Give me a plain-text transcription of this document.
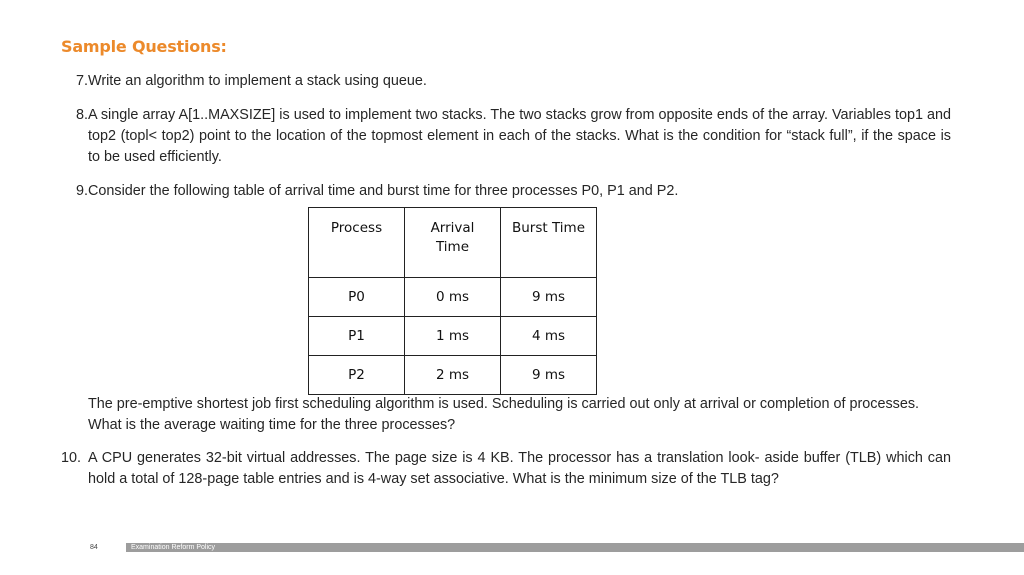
Sample Questions:
7. Write an algorithm to implement a stack using queue.
8. A single array A[1..MAXSIZE] is used to implement two stacks. The two stacks grow from opposite ends of the array. Variables top1 and top2 (topl< top2) point to the location of the topmost element in each of the stacks. What is the condition for “stack full”, if the space is to be used efficiently.
9. Consider the following table of arrival time and burst time for three processes P0, P1 and P2.
Process	Arrival Time	Burst Time
P0	0 ms	9 ms
P1	1 ms	4 ms
P2	2 ms	9 ms
The pre-emptive shortest job first scheduling algorithm is used. Scheduling is carried out only at arrival or completion of processes. What is the average waiting time for the three processes?
10. A CPU generates 32-bit virtual addresses. The page size is 4 KB. The processor has a translation look- aside buffer (TLB) which can hold a total of 128-page table entries and is 4-way set associative. What is the minimum size of the TLB tag?
84	Examination Reform Policy
